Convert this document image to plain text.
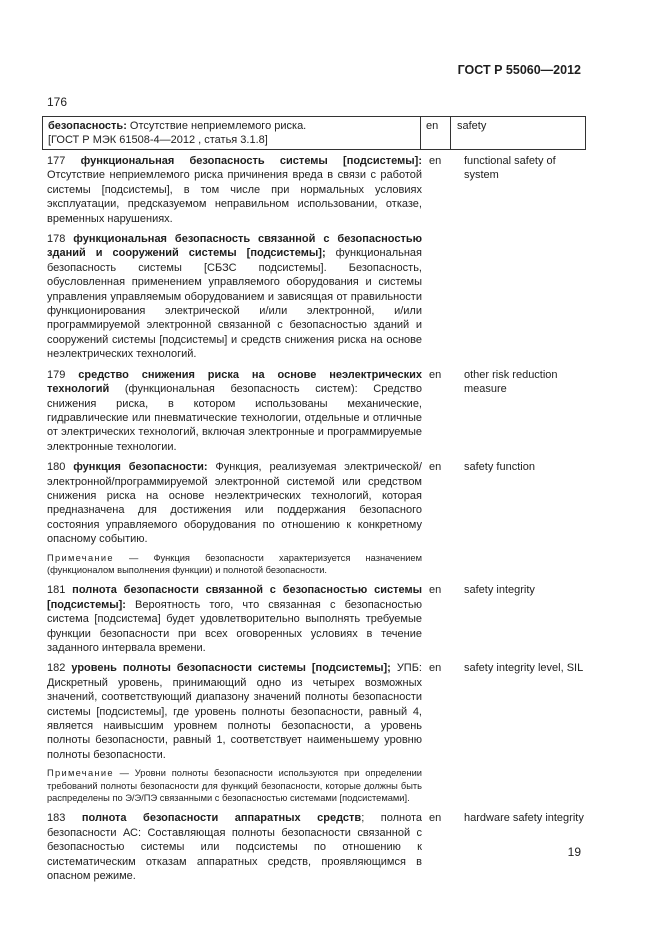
ГОСТ Р 55060—2012
176
безопасность: Отсутствие неприемлемого риска.
[ГОСТ Р МЭК 61508-4—2012 , статья 3.1.8]
en	safety
177 функциональная безопасность системы [подсистемы]: Отсутствие неприемлемого риска причинения вреда в связи с работой системы [подсистемы], в том числе при нормальных условиях эксплуатации, предсказуемом неправильном использовании, отказе, временных нарушениях.
en	functional safety of system
178 функциональная безопасность связанной с безопасностью зданий и сооружений системы [подсистемы]; функциональная безопасность системы [СБЗС подсистемы]. Безопасность, обусловленная применением управляемого оборудования и системы управления управляемым оборудованием и зависящая от правильности функционирования электрической и/или электронной, и/или программируемой электронной связанной с безопасностью зданий и сооружений системы [подсистемы] и средств снижения риска на основе неэлектрических технологий.
179 средство снижения риска на основе неэлектрических технологий (функциональная безопасность систем): Средство снижения риска, в котором использованы механические, гидравлические или пневматические технологии, отдельные и отличные от электрических технологий, включая электронные и программируемые электронные технологии.
en	other risk reduction measure
180 функция безопасности: Функция, реализуемая электрической/электронной/программируемой электронной системой или средством снижения риска на основе неэлектрических технологий, которая предназначена для достижения или поддержания безопасного состояния управляемого оборудования по отношению к конкретному опасному событию.
en	safety function
Примечание — Функция безопасности характеризуется назначением (функционалом выполнения функции) и полнотой безопасности.
181 полнота безопасности связанной с безопасностью системы [подсистемы]: Вероятность того, что связанная с безопасностью система [подсистема] будет удовлетворительно выполнять требуемые функции безопасности при всех оговоренных условиях в течение заданного интервала времени.
en	safety integrity
182 уровень полноты безопасности системы [подсистемы]; УПБ: Дискретный уровень, принимающий одно из четырех возможных значений, соответствующий диапазону значений полноты безопасности системы [подсистемы], где уровень полноты безопасности, равный 4, является наивысшим уровнем полноты безопасности, а уровень полноты безопасности, равный 1, соответствует наименьшему уровню полноты безопасности.
en	safety integrity level, SIL
Примечание — Уровни полноты безопасности используются при определении требований полноты безопасности для функций безопасности, которые должны быть распределены по Э/Э/ПЭ связанными с безопасностью системами [подсистемами].
183 полнота безопасности аппаратных средств; полнота безопасности АС: Составляющая полноты безопасности связанной с безопасностью системы или подсистемы по отношению к систематическим отказам аппаратных средств, проявляющимся в опасном режиме.
en	hardware safety integrity
19
